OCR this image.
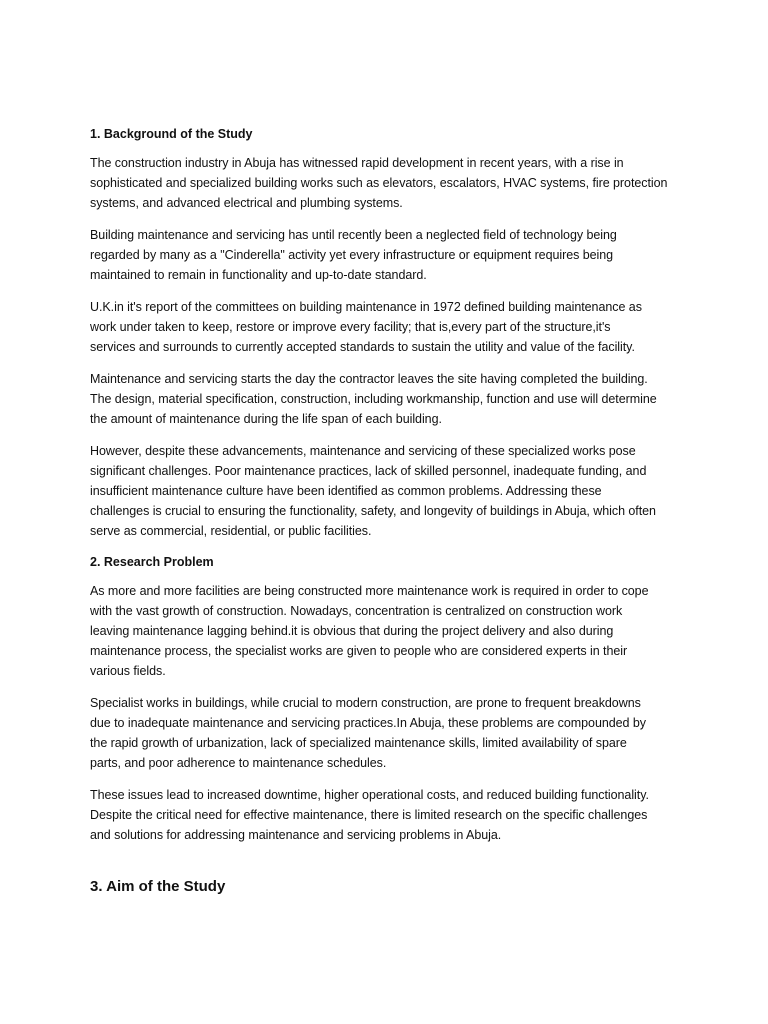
1. Background of the Study

The construction industry in Abuja has witnessed rapid development in recent years, with a rise in
sophisticated and specialized building works such as elevators, escalators, HVAC systems, fire protection
systems, and advanced electrical and plumbing systems.

Building maintenance and servicing has until recently been a neglected field of technology being
regarded by many as a "Cinderella" activity yet every infrastructure or equipment requires being
maintained to remain in functionality and up-to-date standard.

U.K.in it's report of the committees on building maintenance in 1972 defined building maintenance as
work under taken to keep, restore or improve every facility; that is,every part of the structure,it's
services and surrounds to currently accepted standards to sustain the utility and value of the facility.

Maintenance and servicing starts the day the contractor leaves the site having completed the building.
The design, material specification, construction, including workmanship, function and use will determine
the amount of maintenance during the life span of each building.

However, despite these advancements, maintenance and servicing of these specialized works pose
significant challenges. Poor maintenance practices, lack of skilled personnel, inadequate funding, and
insufficient maintenance culture have been identified as common problems. Addressing these
challenges is crucial to ensuring the functionality, safety, and longevity of buildings in Abuja, which often
serve as commercial, residential, or public facilities.

2. Research Problem

As more and more facilities are being constructed more maintenance work is required in order to cope
with the vast growth of construction. Nowadays, concentration is centralized on construction work
leaving maintenance lagging behind.it is obvious that during the project delivery and also during
maintenance process, the specialist works are given to people who are considered experts in their
various fields.

Specialist works in buildings, while crucial to modern construction, are prone to frequent breakdowns
due to inadequate maintenance and servicing practices.In Abuja, these problems are compounded by
the rapid growth of urbanization, lack of specialized maintenance skills, limited availability of spare
parts, and poor adherence to maintenance schedules.

These issues lead to increased downtime, higher operational costs, and reduced building functionality.
Despite the critical need for effective maintenance, there is limited research on the specific challenges
and solutions for addressing maintenance and servicing problems in Abuja.

3. Aim of the Study
